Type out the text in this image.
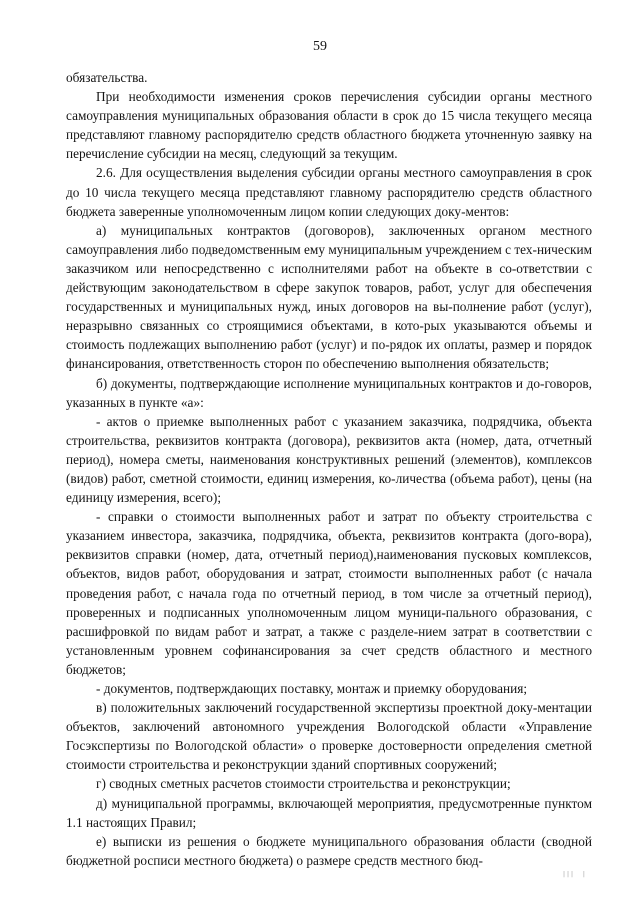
59

обязательства.

При необходимости изменения сроков перечисления субсидии органы местного самоуправления муниципальных образования области в срок до 15 числа текущего месяца представляют главному распорядителю средств областного бюджета уточненную заявку на перечисление субсидии на месяц, следующий за текущим.

2.6. Для осуществления выделения субсидии органы местного самоуправления в срок до 10 числа текущего месяца представляют главному распорядителю средств областного бюджета заверенные уполномоченным лицом копии следующих доку-ментов:

а) муниципальных контрактов (договоров), заключенных органом местного самоуправления либо подведомственным ему муниципальным учреждением с тех-ническим заказчиком или непосредственно с исполнителями работ на объекте в со-ответствии с действующим законодательством в сфере закупок товаров, работ, услуг для обеспечения государственных и муниципальных нужд, иных договоров на вы-полнение работ (услуг), неразрывно связанных со строящимися объектами, в кото-рых указываются объемы и стоимость подлежащих выполнению работ (услуг) и по-рядок их оплаты, размер и порядок финансирования, ответственность сторон по обеспечению выполнения обязательств;

б) документы, подтверждающие исполнение муниципальных контрактов и до-говоров, указанных в пункте «а»:

- актов о приемке выполненных работ с указанием заказчика, подрядчика, объекта строительства, реквизитов контракта (договора), реквизитов акта (номер, дата, отчетный период), номера сметы, наименования конструктивных решений (элементов), комплексов (видов) работ, сметной стоимости, единиц измерения, ко-личества (объема работ), цены (на единицу измерения, всего);

- справки о стоимости выполненных работ и затрат по объекту строительства с указанием инвестора, заказчика, подрядчика, объекта, реквизитов контракта (дого-вора), реквизитов справки (номер, дата, отчетный период),наименования пусковых комплексов, объектов, видов работ, оборудования и затрат, стоимости выполненных работ (с начала проведения работ, с начала года по отчетный период, в том числе за отчетный период), проверенных и подписанных уполномоченным лицом муници-пального образования, с расшифровкой по видам работ и затрат, а также с разделе-нием затрат в соответствии с установленным уровнем софинансирования за счет средств областного и местного бюджетов;

- документов, подтверждающих поставку, монтаж и приемку оборудования;

в) положительных заключений государственной экспертизы проектной доку-ментации объектов, заключений автономного учреждения Вологодской области «Управление Госэкспертизы по Вологодской области» о проверке достоверности определения сметной стоимости строительства и реконструкции зданий спортивных сооружений;

г) сводных сметных расчетов стоимости строительства и реконструкции;

д) муниципальной программы, включающей мероприятия, предусмотренные пунктом 1.1 настоящих Правил;

е) выписки из решения о бюджете муниципального образования области (сводной бюджетной росписи местного бюджета) о размере средств местного бюд-

|||  |
